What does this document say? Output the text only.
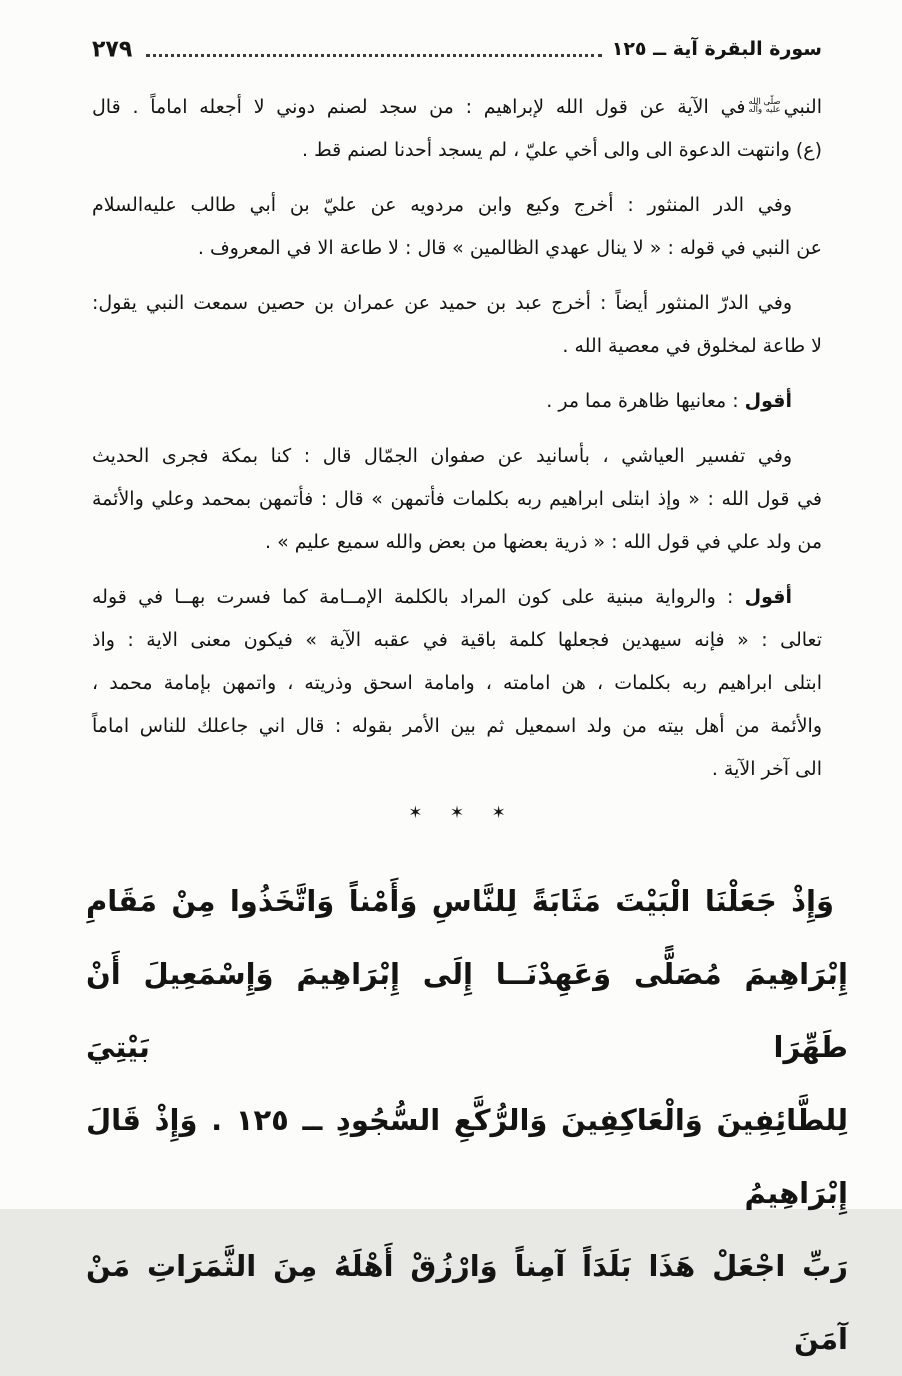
سورة البقرة آية ــ ١٢٥
٢٧٩
النبي
صلّى الله
عليه وآله
في الآية عن قول الله لإبراهيم : من سجد لصنم دوني لا أجعله اماماً . قال
(ع) وانتهت الدعوة الى والى أخي عليّ ، لم يسجد أحدنا لصنم قط .
وفي الدر المنثور : أخرج وكيع وابن مردويه عن عليّ بن أبي طالب عليه‌السلام
عن النبي في قوله : « لا ينال عهدي الظالمين » قال : لا طاعة الا في المعروف .
وفي الدرّ المنثور أيضاً : أخرج عبد بن حميد عن عمران بن حصين سمعت النبي يقول:
لا طاعة لمخلوق في معصية الله .
أقول : معانيها ظاهرة مما مر .
وفي تفسير العياشي ، بأسانيد عن صفوان الجمّال قال : كنا بمكة فجرى الحديث
في قول الله : « وإذ ابتلى ابراهيم ربه بكلمات فأتمهن » قال : فأتمهن بمحمد وعلي والأئمة
من ولد علي في قول الله : « ذرية بعضها من بعض والله سميع عليم » .
أقول : والرواية مبنية على كون المراد بالكلمة الإمــامة كما فسرت بهــا في قوله
تعالى : « فإنه سيهدين فجعلها كلمة باقية في عقبه الآية » فيكون معنى الاية : واذ
ابتلى ابراهيم ربه بكلمات ، هن امامته ، وامامة اسحق وذريته ، واتمهن بإمامة محمد ،
والأئمة من أهل بيته من ولد اسمعيل ثم بين الأمر بقوله : قال اني جاعلك للناس اماماً
الى آخر الآية .
✶ ✶ ✶
وَإِذْ جَعَلْنَا الْبَيْتَ مَثَابَةً لِلنَّاسِ وَأَمْناً وَاتَّخَذُوا مِنْ مَقَامِ
إِبْرَاهِيمَ مُصَلًّى وَعَهِدْنَــا إِلَى إِبْرَاهِيمَ وَإِسْمَعِيلَ أَنْ طَهِّرَا بَيْتِيَ
لِلطَّائِفِينَ وَالْعَاكِفِينَ وَالرُّكَّعِ السُّجُودِ ــ ١٢٥ . وَإِذْ قَالَ إِبْرَاهِيمُ
رَبِّ اجْعَلْ هَذَا بَلَدَاً آمِناً وَارْزُقْ أَهْلَهُ مِنَ الثَّمَرَاتِ مَنْ آمَنَ
